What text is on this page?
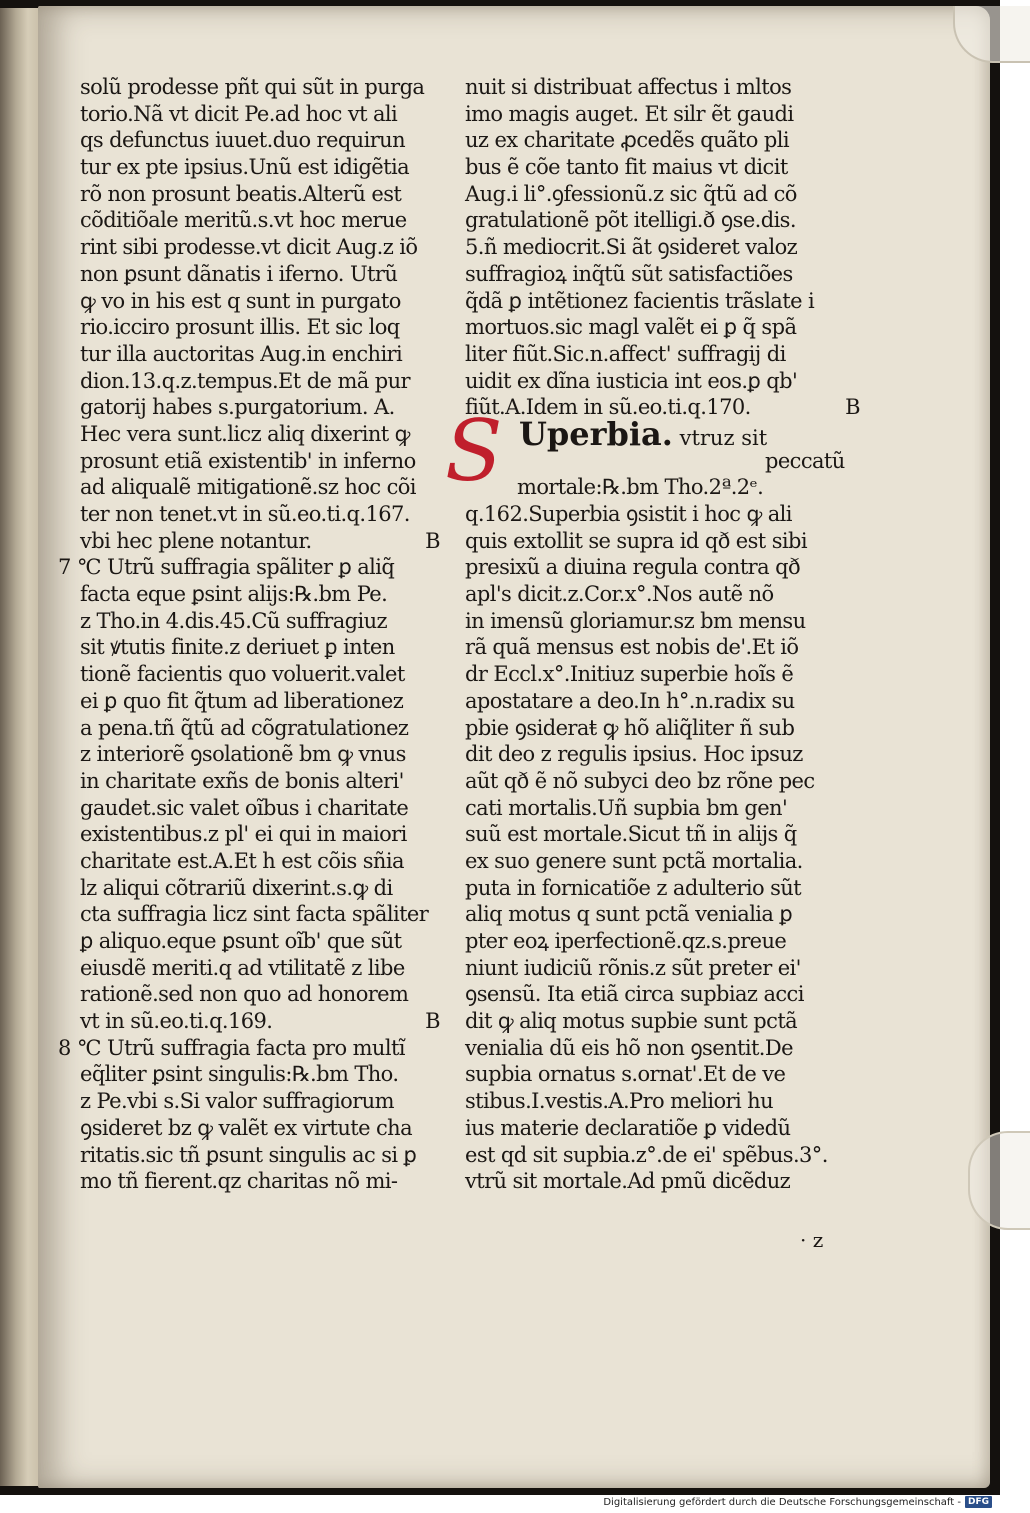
solũ prodesse pñt qui sũt in purga
torio.Nã vt dicit Pe.ad hoc vt ali
qs defunctus iuuet.duo requirun
tur ex pte ipsius.Unũ est idigẽtia
rõ non prosunt beatis.Alterũ est
cõditiõale meritũ.s.vt hoc merue
rint sibi prodesse.vt dicit Aug.z iõ
non ꝑsunt dãnatis i iferno. Utrũ
ꝙ vo in his est q sunt in purgato
rio.icciro prosunt illis. Et sic loq
tur illa auctoritas Aug.in enchiri
dion.13.q.z.tempus.Et de mã pur
gatorij habes s.purgatorium. A.
Hec vera sunt.licz aliq dixerint ꝙ
prosunt etiã existentib' in inferno
ad aliqualẽ mitigationẽ.sz hoc cõi
ter non tenet.vt in sũ.eo.ti.q.167.
vbi hec plene notantur.	B
7 ℃ Utrũ suffragia spãliter ꝑ aliq̃
facta eque ꝑsint alijs:℞.bm Pe.
z Tho.in 4.dis.45.Cũ suffragiuz
sit ꝟtutis finite.z deriuet ꝑ inten
tionẽ facientis quo voluerit.valet
ei ꝑ quo fit q̃tum ad liberationez
a pena.tñ q̃tũ ad cõgratulationez
z interiorẽ ꝯsolationẽ bm ꝙ vnus
in charitate exñs de bonis alteri'
gaudet.sic valet oĩbus i charitate
existentibus.z pl' ei qui in maiori
charitate est.A.Et h est cõis sñia
lz aliqui cõtrariũ dixerint.s.ꝙ di
cta suffragia licz sint facta spãliter
ꝑ aliquo.eque ꝑsunt oĩb' que sũt
eiusdẽ meriti.q ad vtilitatẽ z libe
rationẽ.sed non quo ad honorem
vt in sũ.eo.ti.q.169.	B
8 ℃ Utrũ suffragia facta pro multĩ
eq̃liter ꝑsint singulis:℞.bm Tho.
z Pe.vbi s.Si valor suffragiorum
ꝯsideret bz ꝙ valẽt ex virtute cha
ritatis.sic tñ ꝑsunt singulis ac si ꝑ
mo tñ fierent.qz charitas nõ mi-
nuit si distribuat affectus i mltos
imo magis auget. Et silr ẽt gaudi
uz ex charitate ꝓcedẽs quãto pli
bus ẽ cõe tanto fit maius vt dicit
Aug.i li°.ꝯfessionũ.z sic q̃tũ ad cõ
gratulationẽ põt itelligi.ð ꝯse.dis.
5.ñ mediocrit.Si ãt ꝯsideret valoz
suffragioꝝ inq̃tũ sũt satisfactiões
q̃dã ꝑ intẽtionez facientis trãslate i
mortuos.sic magl valẽt ei ꝑ q̃ spã
liter fiũt.Sic.n.affect' suffragij di
uidit ex dĩna iusticia int eos.ꝑ qb'
fiũt.A.Idem in sũ.eo.ti.q.170.	B
S Uperbia. vtruz sit
peccatũ
mortale:℞.bm Tho.2ª.2ᵉ.
q.162.Superbia ꝯsistit i hoc ꝙ ali
quis extollit se supra id qð est sibi
presixũ a diuina regula contra qð
apl's dicit.z.Cor.x°.Nos autẽ nõ
in imensũ gloriamur.sz bm mensu
rã quã mensus est nobis de'.Et iõ
dr Eccl.x°.Initiuz superbie hoĩs ẽ
apostatare a deo.In h°.n.radix su
pbie ꝯsideraŧ ꝙ hõ aliq̃liter ñ sub
dit deo z regulis ipsius. Hoc ipsuz
aũt qð ẽ nõ subyci deo bz rõne pec
cati mortalis.Uñ supbia bm gen'
suũ est mortale.Sicut tñ in alijs q̃
ex suo genere sunt pctã mortalia.
puta in fornicatiõe z adulterio sũt
aliq motus q sunt pctã venialia ꝑ
pter eoꝝ iperfectionẽ.qz.s.preue
niunt iudiciũ rõnis.z sũt preter ei'
ꝯsensũ. Ita etiã circa supbiaz acci
dit ꝙ aliq motus supbie sunt pctã
venialia dũ eis hõ non ꝯsentit.De
supbia ornatus s.ornat'.Et de ve
stibus.I.vestis.A.Pro meliori hu
ius materie declaratiõe ꝑ videdũ
est qd sit supbia.z°.de ei' spẽbus.3°.
vtrũ sit mortale.Ad pmũ dicẽduz
· z
Digitalisierung gefördert durch die Deutsche Forschungsgemeinschaft - DFG
